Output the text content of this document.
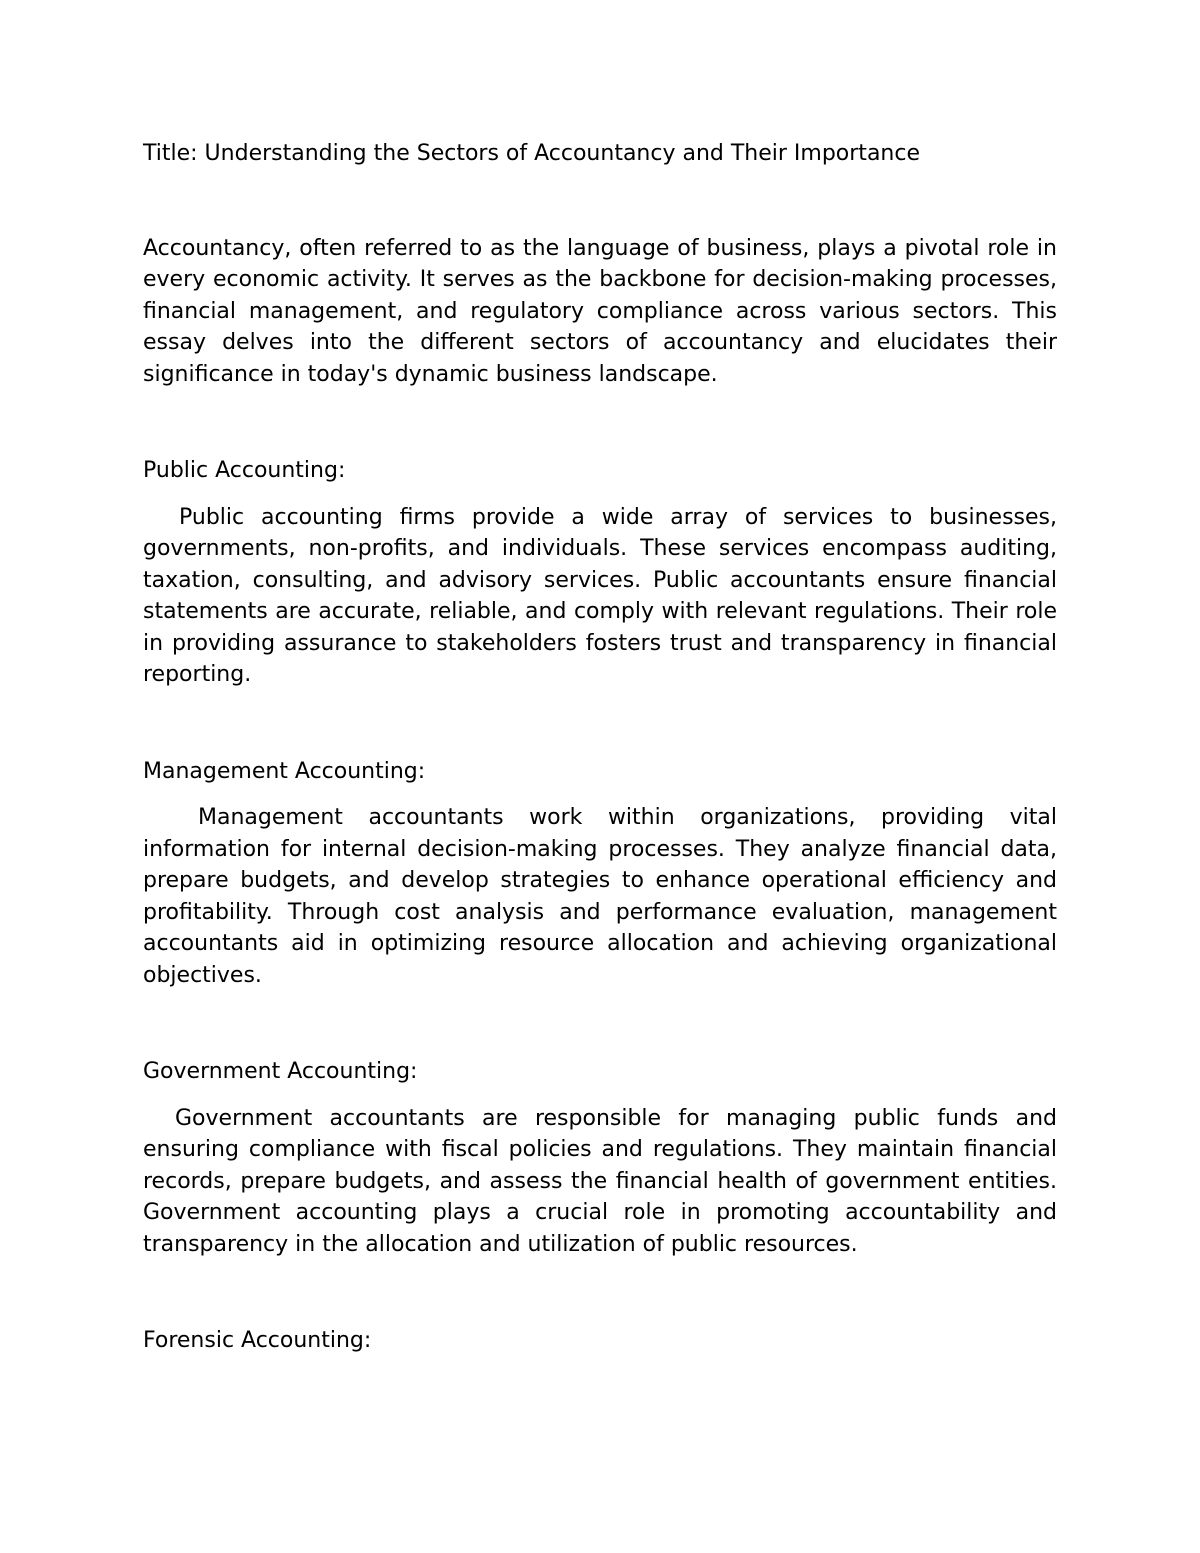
Title: Understanding the Sectors of Accountancy and Their Importance

Accountancy, often referred to as the language of business, plays a pivotal role in every economic activity. It serves as the backbone for decision-making processes, financial management, and regulatory compliance across various sectors. This essay delves into the different sectors of accountancy and elucidates their significance in today's dynamic business landscape.

Public Accounting:

Public accounting firms provide a wide array of services to businesses, governments, non-profits, and individuals. These services encompass auditing, taxation, consulting, and advisory services. Public accountants ensure financial statements are accurate, reliable, and comply with relevant regulations. Their role in providing assurance to stakeholders fosters trust and transparency in financial reporting.

Management Accounting:

Management accountants work within organizations, providing vital information for internal decision-making processes. They analyze financial data, prepare budgets, and develop strategies to enhance operational efficiency and profitability. Through cost analysis and performance evaluation, management accountants aid in optimizing resource allocation and achieving organizational objectives.

Government Accounting:

Government accountants are responsible for managing public funds and ensuring compliance with fiscal policies and regulations. They maintain financial records, prepare budgets, and assess the financial health of government entities. Government accounting plays a crucial role in promoting accountability and transparency in the allocation and utilization of public resources.

Forensic Accounting:
